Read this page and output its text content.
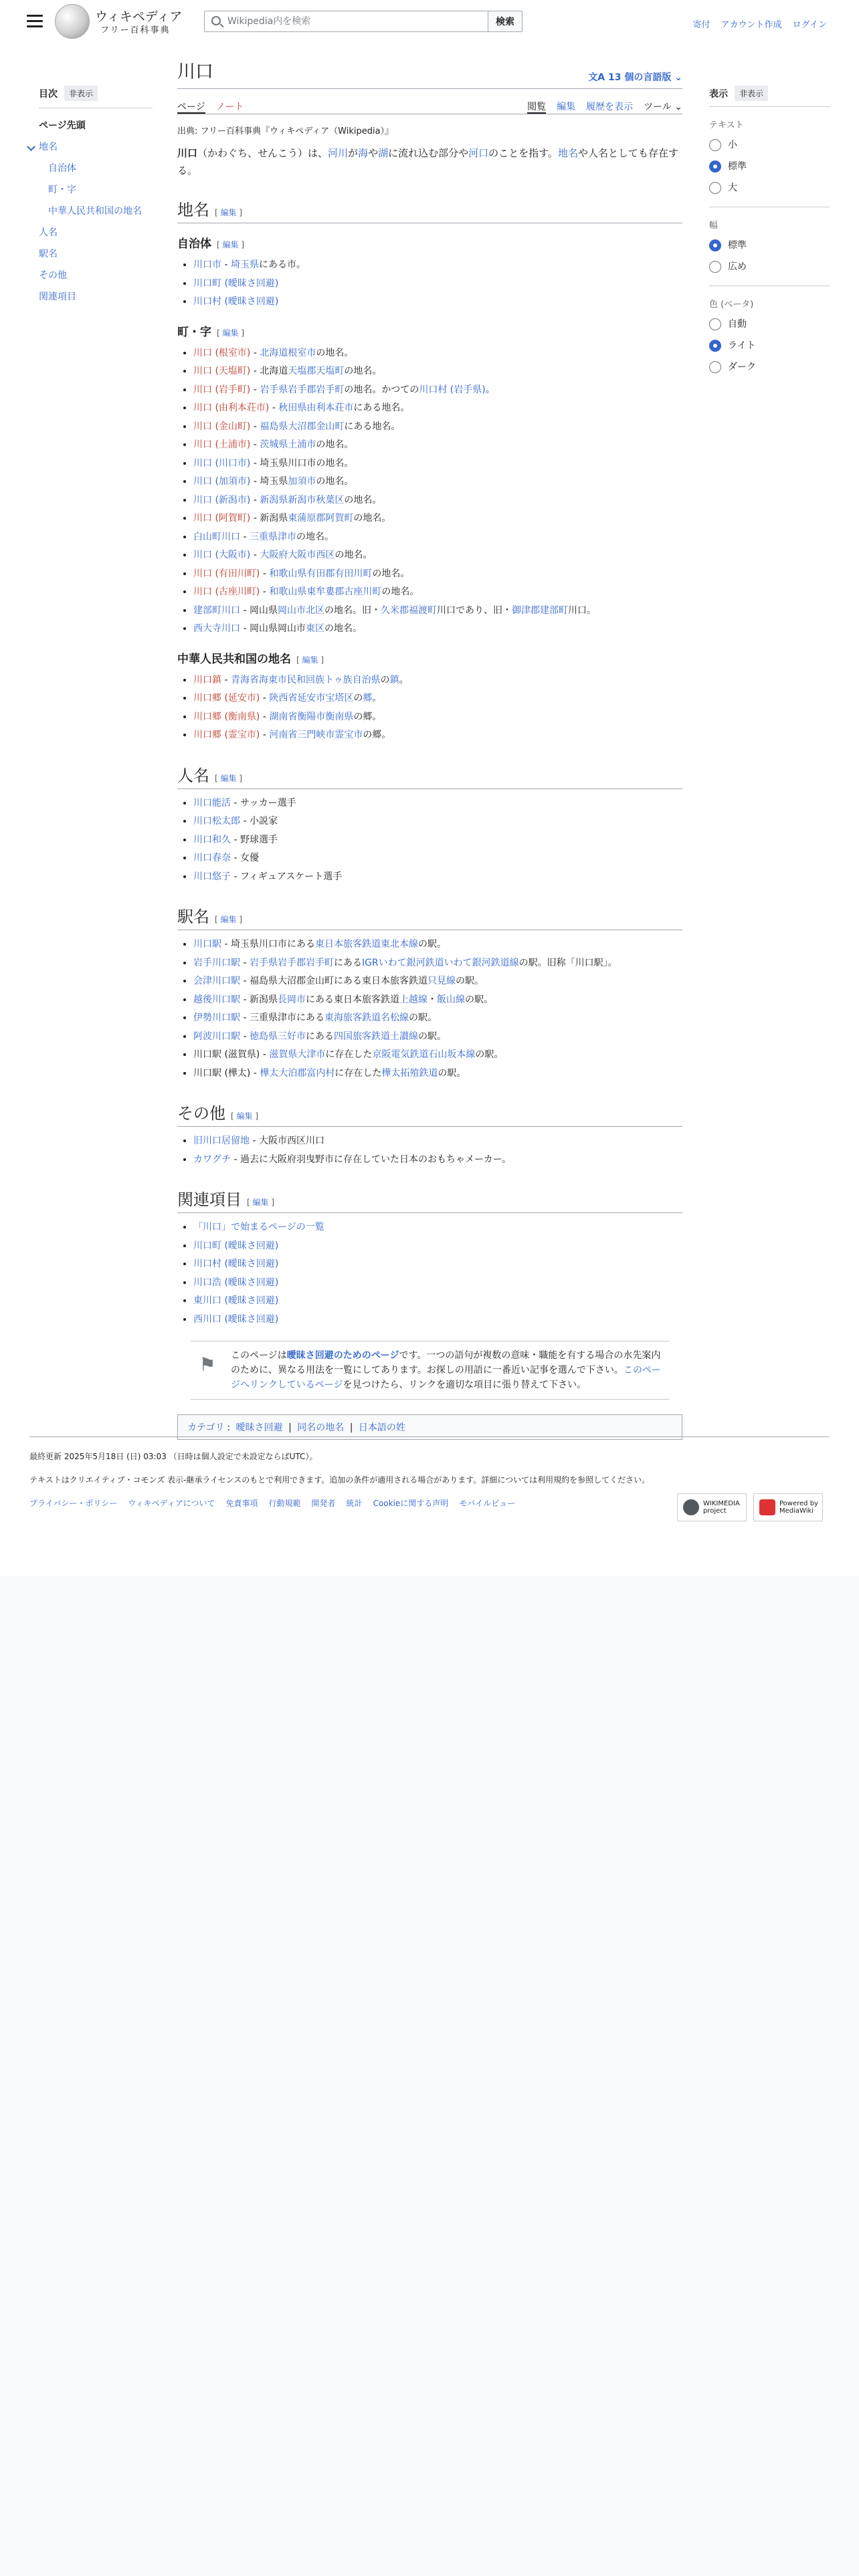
ウィキペディア
フリー百科事典
Wikipedia内を検索
検索	寄付 アカウント作成 ログイン
目次	非表示
ページ先頭
地名
自治体
町・字
中華人民共和国の地名
人名
駅名
その他
関連項目
表示	非表示
テキスト
小
標準
大
幅
標準
広め
色 (ベータ)
自動
ライト
ダーク
川口	文A 13 個の言語版 ⌄
ページ ノート	閲覧 編集 履歴を表示 ツール ⌄
出典: フリー百科事典『ウィキペディア（Wikipedia）』

川口（かわぐち、せんこう）は、河川が海や湖に流れ込む部分や河口のことを指す。地名や人名としても存在する。

地名 [ 編集 ]
自治体 [ 編集 ]
• 川口市 - 埼玉県にある市。
• 川口町 (曖昧さ回避)
• 川口村 (曖昧さ回避)
町・字 [ 編集 ]
• 川口 (根室市) - 北海道根室市の地名。
• 川口 (天塩町) - 北海道天塩郡天塩町の地名。
• 川口 (岩手町) - 岩手県岩手郡岩手町の地名。かつての川口村 (岩手県)。
• 川口 (由利本荘市) - 秋田県由利本荘市にある地名。
• 川口 (金山町) - 福島県大沼郡金山町にある地名。
• 川口 (土浦市) - 茨城県土浦市の地名。
• 川口 (川口市) - 埼玉県川口市の地名。
• 川口 (加須市) - 埼玉県加須市の地名。
• 川口 (新潟市) - 新潟県新潟市秋葉区の地名。
• 川口 (阿賀町) - 新潟県東蒲原郡阿賀町の地名。
• 白山町川口 - 三重県津市の地名。
• 川口 (大阪市) - 大阪府大阪市西区の地名。
• 川口 (有田川町) - 和歌山県有田郡有田川町の地名。
• 川口 (古座川町) - 和歌山県東牟婁郡古座川町の地名。
• 建部町川口 - 岡山県岡山市北区の地名。旧・久米郡福渡町川口であり、旧・御津郡建部町川口。
• 西大寺川口 - 岡山県岡山市東区の地名。
中華人民共和国の地名 [ 編集 ]
• 川口鎮 - 青海省海東市民和回族トゥ族自治県の鎮。
• 川口郷 (延安市) - 陝西省延安市宝塔区の郷。
• 川口郷 (衡南県) - 湖南省衡陽市衡南県の郷。
• 川口郷 (霊宝市) - 河南省三門峡市霊宝市の郷。
人名 [ 編集 ]
• 川口能活 - サッカー選手
• 川口松太郎 - 小説家
• 川口和久 - 野球選手
• 川口春奈 - 女優
• 川口悠子 - フィギュアスケート選手
駅名 [ 編集 ]
• 川口駅 - 埼玉県川口市にある東日本旅客鉄道東北本線の駅。
• 岩手川口駅 - 岩手県岩手郡岩手町にあるIGRいわて銀河鉄道いわて銀河鉄道線の駅。旧称「川口駅」。
• 会津川口駅 - 福島県大沼郡金山町にある東日本旅客鉄道只見線の駅。
• 越後川口駅 - 新潟県長岡市にある東日本旅客鉄道上越線・飯山線の駅。
• 伊勢川口駅 - 三重県津市にある東海旅客鉄道名松線の駅。
• 阿波川口駅 - 徳島県三好市にある四国旅客鉄道土讃線の駅。
• 川口駅 (滋賀県) - 滋賀県大津市に存在した京阪電気鉄道石山坂本線の駅。
• 川口駅 (樺太) - 樺太大泊郡富内村に存在した樺太拓殖鉄道の駅。
その他 [ 編集 ]
• 旧川口居留地 - 大阪市西区川口
• カワグチ - 過去に大阪府羽曳野市に存在していた日本のおもちゃメーカー。
関連項目 [ 編集 ]
• 「川口」で始まるページの一覧
• 川口町 (曖昧さ回避)
• 川口村 (曖昧さ回避)
• 川口浩 (曖昧さ回避)
• 東川口 (曖昧さ回避)
• 西川口 (曖昧さ回避)
⚑	このページは曖昧さ回避のためのページです。一つの語句が複数の意味・職能を有する場合の水先案内のために、異なる用法を一覧にしてあります。お探しの用語に一番近い記事を選んで下さい。このページへリンクしているページを見つけたら、リンクを適切な項目に張り替えて下さい。
カテゴリ : 曖昧さ回避 | 同名の地名 | 日本語の姓

最終更新 2025年5月18日 (日) 03:03 （日時は個人設定で未設定ならばUTC）。

テキストはクリエイティブ・コモンズ 表示-継承ライセンスのもとで利用できます。追加の条件が適用される場合があります。詳細については利用規約を参照してください。

プライバシー・ポリシー ウィキペディアについて 免責事項 行動規範 開発者 統計 Cookieに関する声明 モバイルビュー	WIKIMEDIA project
Powered by MediaWiki
